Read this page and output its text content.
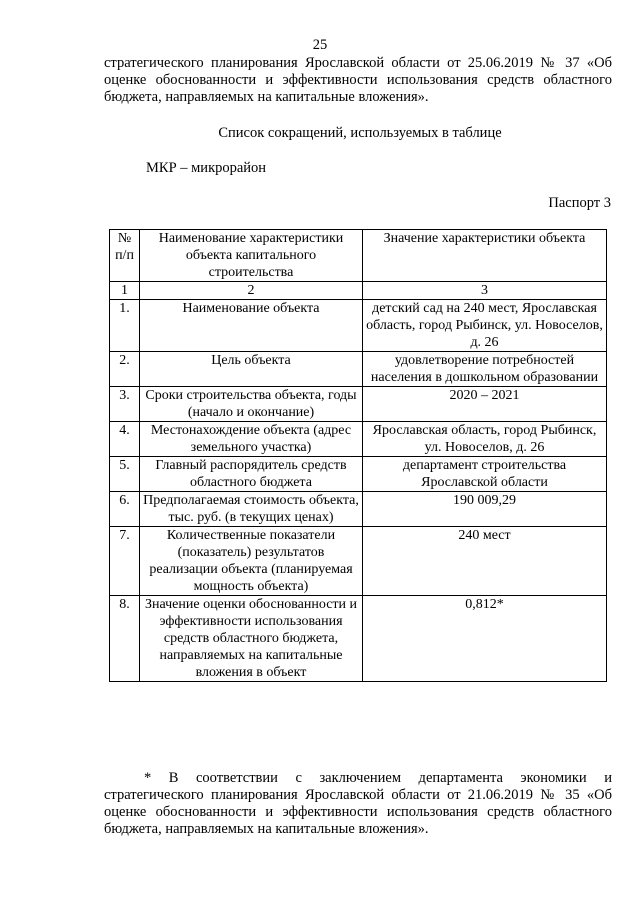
25
стратегического планирования Ярославской области от 25.06.2019 № 37 «Об оценке обоснованности и эффективности использования средств областного бюджета, направляемых на капитальные вложения».
Список сокращений, используемых в таблице
МКР – микрорайон
Паспорт 3
№ п/п	Наименование характеристики объекта капитального строительства	Значение характеристики объекта
1	2	3
1.	Наименование объекта	детский сад на 240 мест, Ярославская область, город Рыбинск, ул. Новоселов, д. 26
2.	Цель объекта	удовлетворение потребностей населения в дошкольном образовании
3.	Сроки строительства объекта, годы (начало и окончание)	2020 – 2021
4.	Местонахождение объекта (адрес земельного участка)	Ярославская область, город Рыбинск, ул. Новоселов, д. 26
5.	Главный распорядитель средств областного бюджета	департамент строительства Ярославской области
6.	Предполагаемая стоимость объекта, тыс. руб. (в текущих ценах)	190 009,29
7.	Количественные показатели (показатель) результатов реализации объекта (планируемая мощность объекта)	240 мест
8.	Значение оценки обоснованности и эффективности использования средств областного бюджета, направляемых на капитальные вложения в объект	0,812*
* В соответствии с заключением департамента экономики и стратегического планирования Ярославской области от 21.06.2019 № 35 «Об оценке обоснованности и эффективности использования средств областного бюджета, направляемых на капитальные вложения».
